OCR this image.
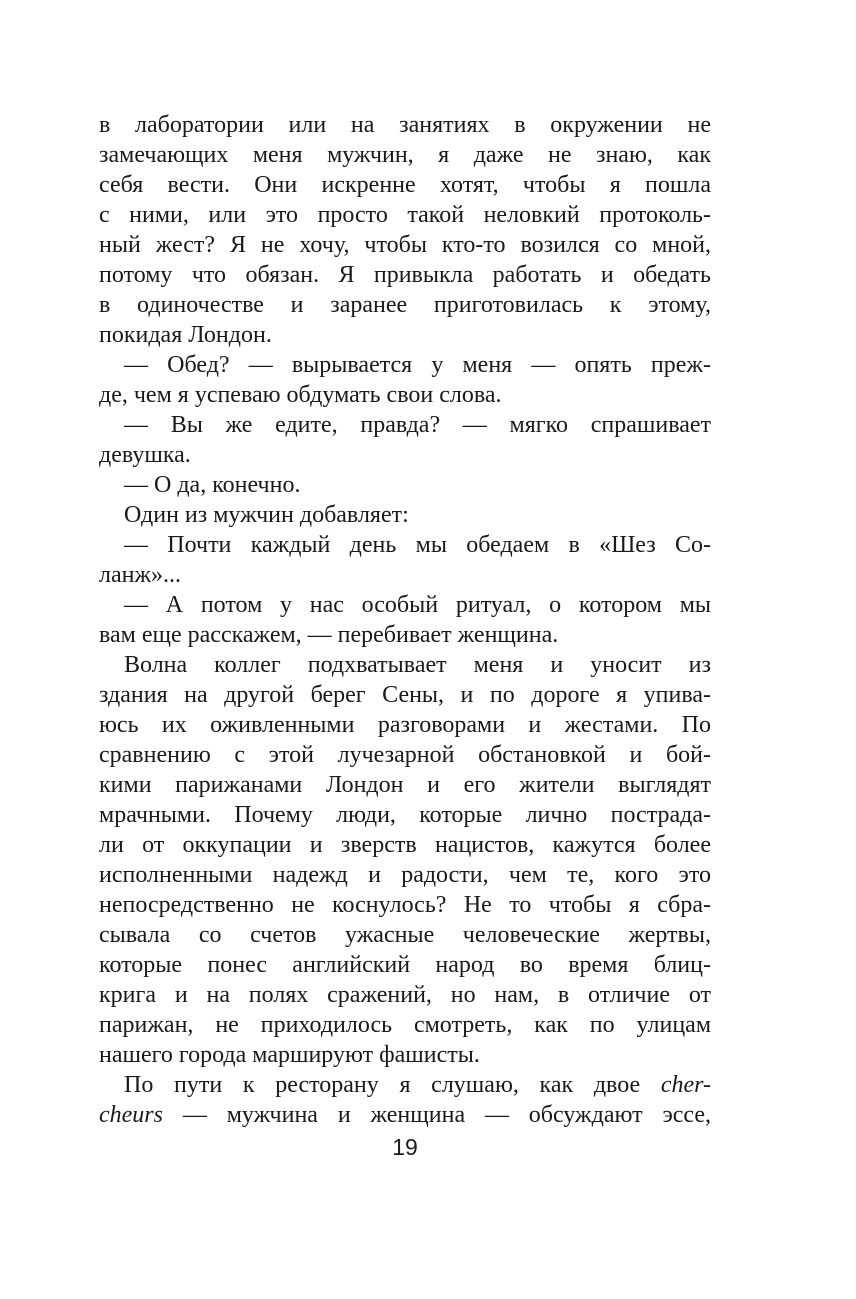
в лаборатории или на занятиях в окружении не
замечающих меня мужчин, я даже не знаю, как
себя вести. Они искренне хотят, чтобы я пошла
с ними, или это просто такой неловкий протоколь-
ный жест? Я не хочу, чтобы кто-то возился со мной,
потому что обязан. Я привыкла работать и обедать
в одиночестве и заранее приготовилась к этому,
покидая Лондон.
— Обед? — вырывается у меня — опять преж-
де, чем я успеваю обдумать свои слова.
— Вы же едите, правда? — мягко спрашивает
девушка.
— О да, конечно.
Один из мужчин добавляет:
— Почти каждый день мы обедаем в «Шез Со-
ланж»...
— А потом у нас особый ритуал, о котором мы
вам еще расскажем, — перебивает женщина.
Волна коллег подхватывает меня и уносит из
здания на другой берег Сены, и по дороге я упива-
юсь их оживленными разговорами и жестами. По
сравнению с этой лучезарной обстановкой и бой-
кими парижанами Лондон и его жители выглядят
мрачными. Почему люди, которые лично пострада-
ли от оккупации и зверств нацистов, кажутся более
исполненными надежд и радости, чем те, кого это
непосредственно не коснулось? Не то чтобы я сбра-
сывала со счетов ужасные человеческие жертвы,
которые понес английский народ во время блиц-
крига и на полях сражений, но нам, в отличие от
парижан, не приходилось смотреть, как по улицам
нашего города маршируют фашисты.
По пути к ресторану я слушаю, как двое cher-
cheurs — мужчина и женщина — обсуждают эссе,
19
